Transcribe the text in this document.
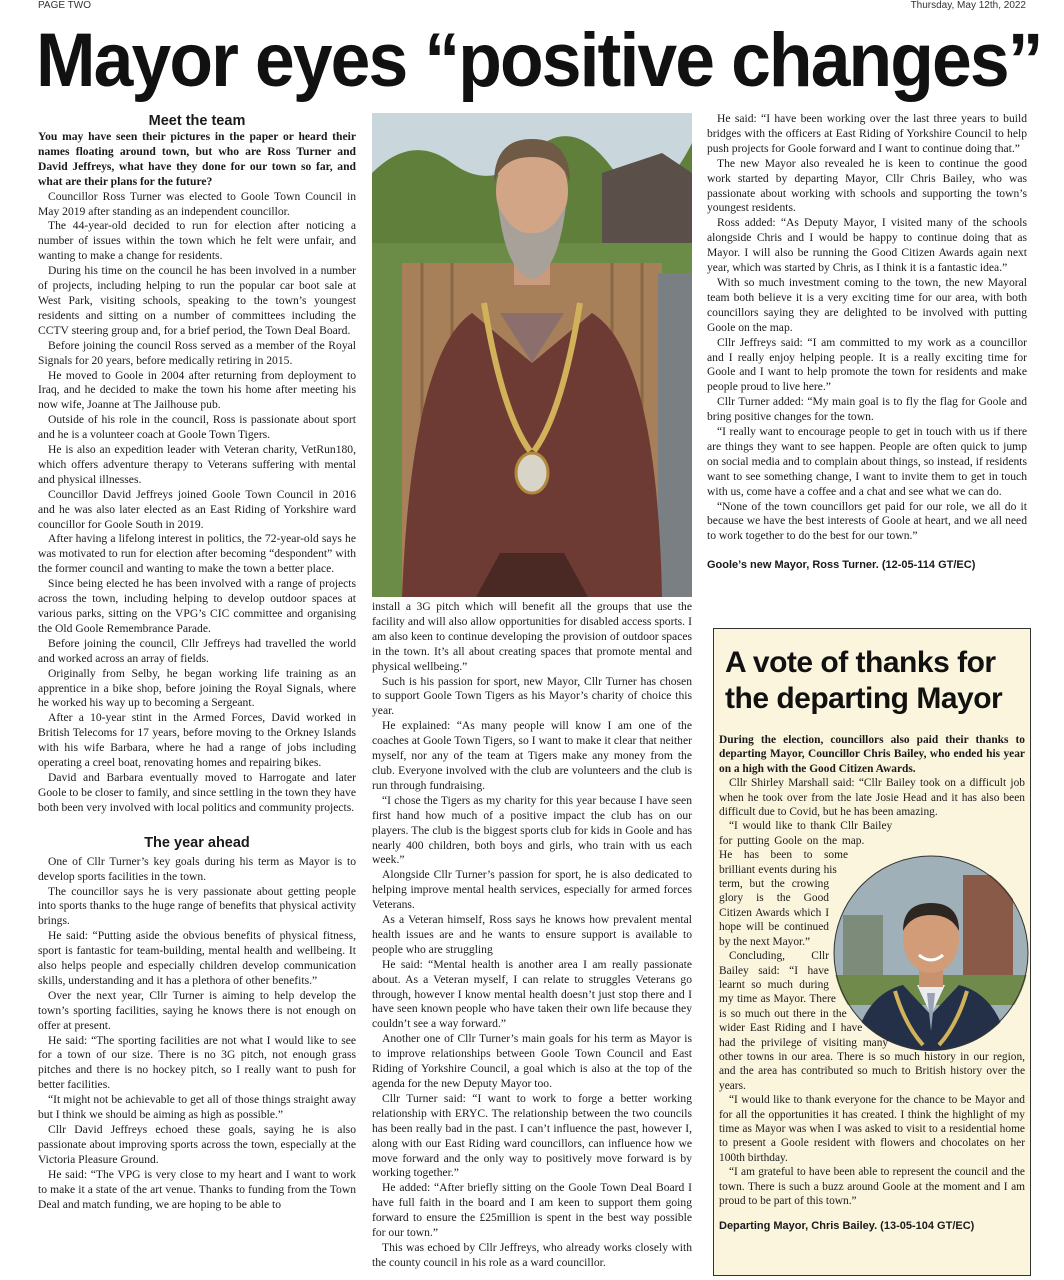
PAGE TWO	Thursday, May 12th, 2022
Mayor eyes “positive changes”
Meet the team

You may have seen their pictures in the paper or heard their names floating around town, but who are Ross Turner and David Jeffreys, what have they done for our town so far, and what are their plans for the future?

Councillor Ross Turner was elected to Goole Town Council in May 2019 after standing as an independent councillor.

The 44-year-old decided to run for election after noticing a number of issues within the town which he felt were unfair, and wanting to make a change for residents.

During his time on the council he has been involved in a number of projects, including helping to run the popular car boot sale at West Park, visiting schools, speaking to the town’s youngest residents and sitting on a number of committees including the CCTV steering group and, for a brief period, the Town Deal Board.

Before joining the council Ross served as a member of the Royal Signals for 20 years, before medically retiring in 2015.

He moved to Goole in 2004 after returning from deployment to Iraq, and he decided to make the town his home after meeting his now wife, Joanne at The Jailhouse pub.

Outside of his role in the council, Ross is passionate about sport and he is a volunteer coach at Goole Town Tigers.

He is also an expedition leader with Veteran charity, VetRun180, which offers adventure therapy to Veterans suffering with mental and physical illnesses.

Councillor David Jeffreys joined Goole Town Council in 2016 and he was also later elected as an East Riding of Yorkshire ward councillor for Goole South in 2019.

After having a lifelong interest in politics, the 72-year-old says he was motivated to run for election after becoming “despondent” with the former council and wanting to make the town a better place.

Since being elected he has been involved with a range of projects across the town, including helping to develop outdoor spaces at various parks, sitting on the VPG’s CIC committee and organising the Old Goole Remembrance Parade.

Before joining the council, Cllr Jeffreys had travelled the world and worked across an array of fields.

Originally from Selby, he began working life training as an apprentice in a bike shop, before joining the Royal Signals, where he worked his way up to becoming a Sergeant.

After a 10-year stint in the Armed Forces, David worked in British Telecoms for 17 years, before moving to the Orkney Islands with his wife Barbara, where he had a range of jobs including operating a creel boat, renovating homes and repairing bikes.

David and Barbara eventually moved to Harrogate and later Goole to be closer to family, and since settling in the town they have both been very involved with local politics and community projects.

The year ahead

One of Cllr Turner’s key goals during his term as Mayor is to develop sports facilities in the town.

The councillor says he is very passionate about getting people into sports thanks to the huge range of benefits that physical activity brings.

He said: “Putting aside the obvious benefits of physical fitness, sport is fantastic for team-building, mental health and wellbeing. It also helps people and especially children develop communication skills, understanding and it has a plethora of other benefits.”

Over the next year, Cllr Turner is aiming to help develop the town’s sporting facilities, saying he knows there is not enough on offer at present.

He said: “The sporting facilities are not what I would like to see for a town of our size. There is no 3G pitch, not enough grass pitches and there is no hockey pitch, so I really want to push for better facilities.

“It might not be achievable to get all of those things straight away but I think we should be aiming as high as possible.”

Cllr David Jeffreys echoed these goals, saying he is also passionate about improving sports across the town, especially at the Victoria Pleasure Ground.

He said: “The VPG is very close to my heart and I want to work to make it a state of the art venue. Thanks to funding from the Town Deal and match funding, we are hoping to be able to

install a 3G pitch which will benefit all the groups that use the facility and will also allow opportunities for disabled access sports. I am also keen to continue developing the provision of outdoor spaces in the town. It’s all about creating spaces that promote mental and physical wellbeing.”

Such is his passion for sport, new Mayor, Cllr Turner has chosen to support Goole Town Tigers as his Mayor’s charity of choice this year.

He explained: “As many people will know I am one of the coaches at Goole Town Tigers, so I want to make it clear that neither myself, nor any of the team at Tigers make any money from the club. Everyone involved with the club are volunteers and the club is run through fundraising.

“I chose the Tigers as my charity for this year because I have seen first hand how much of a positive impact the club has on our players. The club is the biggest sports club for kids in Goole and has nearly 400 children, both boys and girls, who train with us each week.”

Alongside Cllr Turner’s passion for sport, he is also dedicated to helping improve mental health services, especially for armed forces Veterans.

As a Veteran himself, Ross says he knows how prevalent mental health issues are and he wants to ensure support is available to people who are struggling

He said: “Mental health is another area I am really passionate about. As a Veteran myself, I can relate to struggles Veterans go through, however I know mental health doesn’t just stop there and I have seen known people who have taken their own life because they couldn’t see a way forward.”

Another one of Cllr Turner’s main goals for his term as Mayor is to improve relationships between Goole Town Council and East Riding of Yorkshire Council, a goal which is also at the top of the agenda for the new Deputy Mayor too.

Cllr Turner said: “I want to work to forge a better working relationship with ERYC. The relationship between the two councils has been really bad in the past. I can’t influence the past, however I, along with our East Riding ward councillors, can influence how we move forward and the only way to positively move forward is by working together.”

He added: “After briefly sitting on the Goole Town Deal Board I have full faith in the board and I am keen to support them going forward to ensure the £25million is spent in the best way possible for our town.”

This was echoed by Cllr Jeffreys, who already works closely with the county council in his role as a ward councillor.

He said: “I have been working over the last three years to build bridges with the officers at East Riding of Yorkshire Council to help push projects for Goole forward and I want to continue doing that.”

The new Mayor also revealed he is keen to continue the good work started by departing Mayor, Cllr Chris Bailey, who was passionate about working with schools and supporting the town’s youngest residents.

Ross added: “As Deputy Mayor, I visited many of the schools alongside Chris and I would be happy to continue doing that as Mayor. I will also be running the Good Citizen Awards again next year, which was started by Chris, as I think it is a fantastic idea.”

With so much investment coming to the town, the new Mayoral team both believe it is a very exciting time for our area, with both councillors saying they are delighted to be involved with putting Goole on the map.

Cllr Jeffreys said: “I am committed to my work as a councillor and I really enjoy helping people. It is a really exciting time for Goole and I want to help promote the town for residents and make people proud to live here.”

Cllr Turner added: “My main goal is to fly the flag for Goole and bring positive changes for the town.

“I really want to encourage people to get in touch with us if there are things they want to see happen. People are often quick to jump on social media and to complain about things, so instead, if residents want to see something change, I want to invite them to get in touch with us, come have a coffee and a chat and see what we can do.

“None of the town councillors get paid for our role, we all do it because we have the best interests of Goole at heart, and we all need to work together to do the best for our town.”

Goole’s new Mayor, Ross Turner. (12-05-114 GT/EC)
A vote of thanks for
the departing Mayor

During the election, councillors also paid their thanks to departing Mayor, Councillor Chris Bailey, who ended his year on a high with the Good Citizen Awards.

Cllr Shirley Marshall said: “Cllr Bailey took on a difficult job when he took over from the late Josie Head and it has also been difficult due to Covid, but he has been amazing.

“I would like to thank Cllr Bailey for putting Goole on the map. He has been to some brilliant events during his term, but the crowing glory is the Good Citizen Awards which I hope will be continued by the next Mayor.”

Concluding, Cllr Bailey said: “I have learnt so much during my time as Mayor. There is so much out there in the wider East Riding and I have had the privilege of visiting many other towns in our area. There is so much history in our region, and the area has contributed so much to British history over the years.

“I would like to thank everyone for the chance to be Mayor and for all the opportunities it has created. I think the highlight of my time as Mayor was when I was asked to visit to a residential home to present a Goole resident with flowers and chocolates on her 100th birthday.

“I am grateful to have been able to represent the council and the town. There is such a buzz around Goole at the moment and I am proud to be part of this town.”

Departing Mayor, Chris Bailey. (13-05-104 GT/EC)
